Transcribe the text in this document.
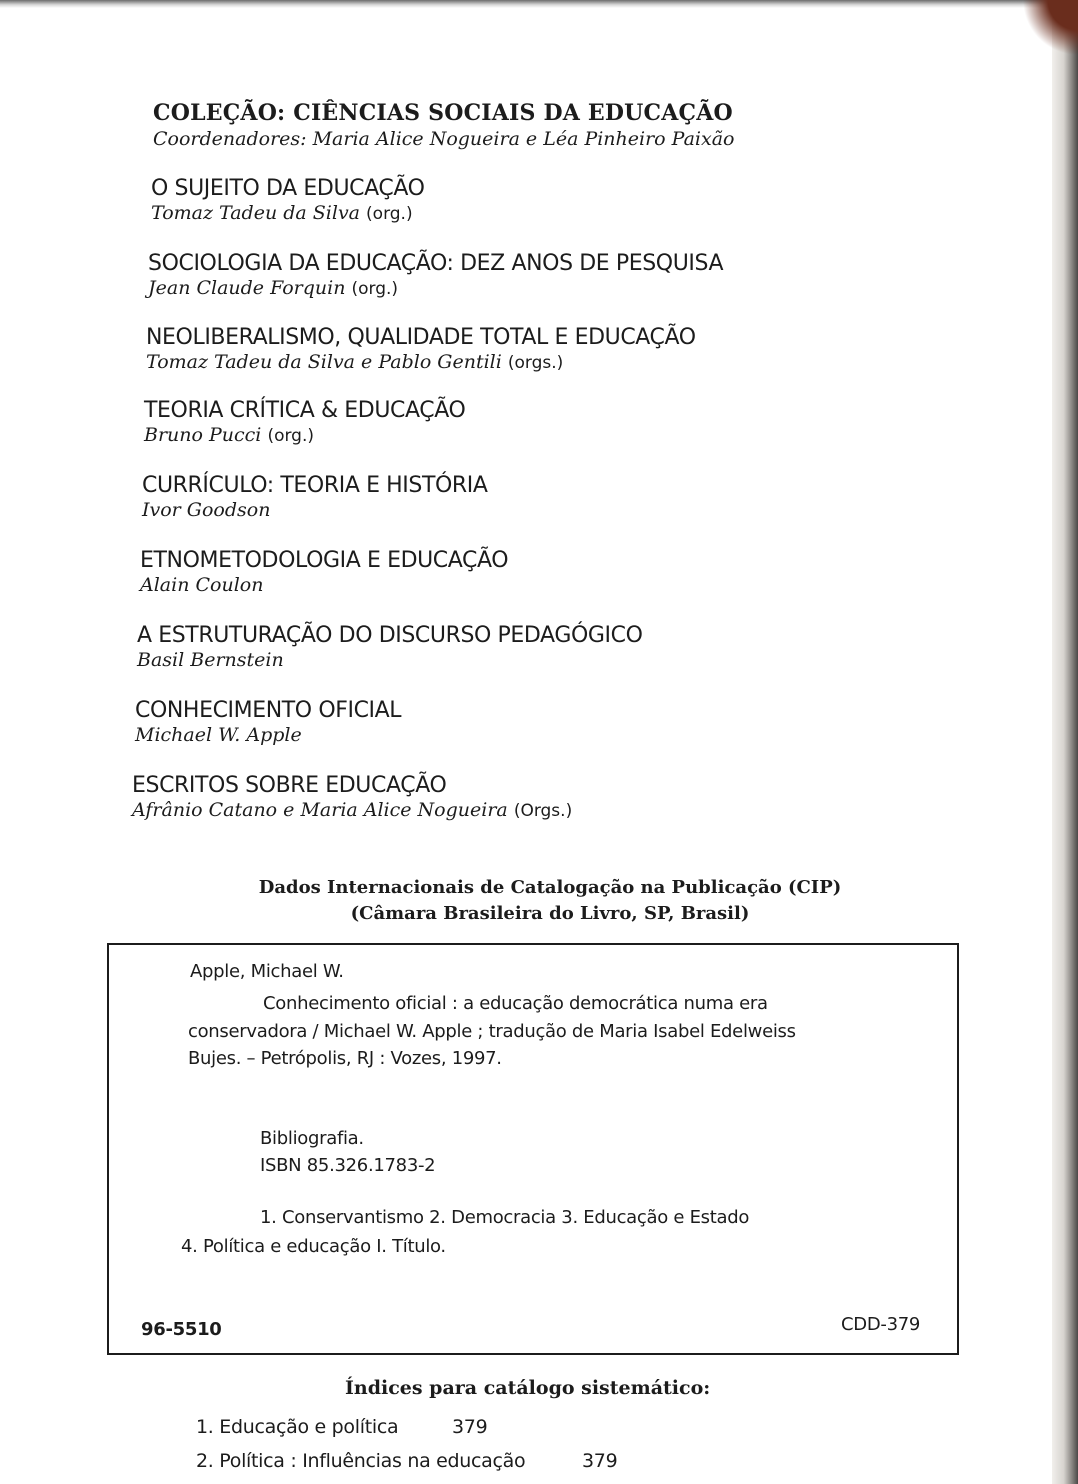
COLEÇÃO: CIÊNCIAS SOCIAIS DA EDUCAÇÃO
Coordenadores: Maria Alice Nogueira e Léa Pinheiro Paixão
O SUJEITO DA EDUCAÇÃO
Tomaz Tadeu da Silva (org.)
SOCIOLOGIA DA EDUCAÇÃO: DEZ ANOS DE PESQUISA
Jean Claude Forquin (org.)
NEOLIBERALISMO, QUALIDADE TOTAL E EDUCAÇÃO
Tomaz Tadeu da Silva e Pablo Gentili (orgs.)
TEORIA CRÍTICA & EDUCAÇÃO
Bruno Pucci (org.)
CURRÍCULO: TEORIA E HISTÓRIA
Ivor Goodson
ETNOMETODOLOGIA E EDUCAÇÃO
Alain Coulon
A ESTRUTURAÇÃO DO DISCURSO PEDAGÓGICO
Basil Bernstein
CONHECIMENTO OFICIAL
Michael W. Apple
ESCRITOS SOBRE EDUCAÇÃO
Afrânio Catano e Maria Alice Nogueira (Orgs.)
Dados Internacionais de Catalogação na Publicação (CIP)
(Câmara Brasileira do Livro, SP, Brasil)
Apple, Michael W.
Conhecimento oficial : a educação democrática numa era
conservadora / Michael W. Apple ; tradução de Maria Isabel Edelweiss
Bujes. – Petrópolis, RJ : Vozes, 1997.
Bibliografia.
ISBN 85.326.1783-2
1. Conservantismo 2. Democracia 3. Educação e Estado
4. Política e educação I. Título.
96-5510	CDD-379
Índices para catálogo sistemático:
1. Educação e política	379
2. Política : Influências na educação	379
